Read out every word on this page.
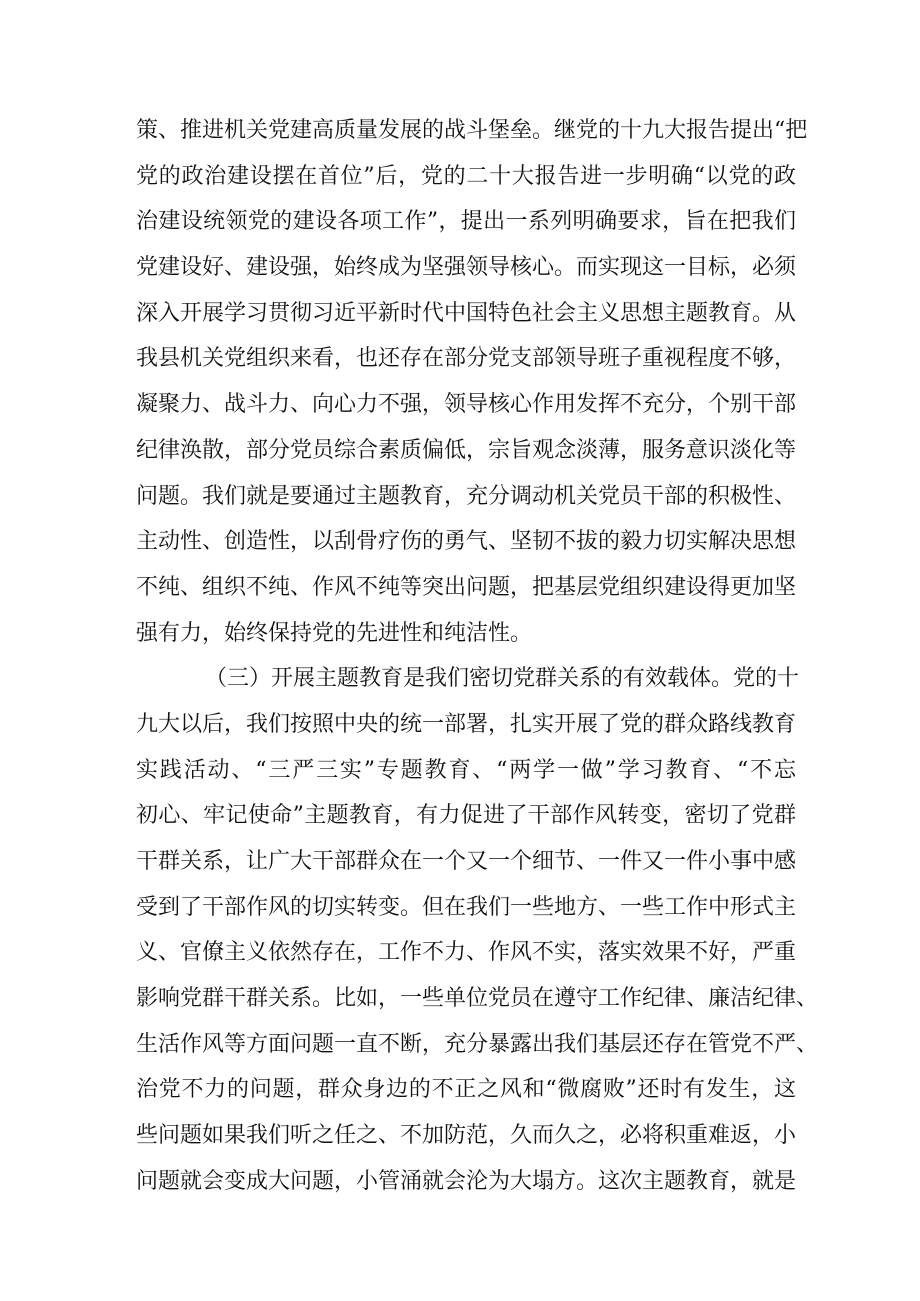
策、推进机关党建高质量发展的战斗堡垒。继党的十九大报告提出“把
党的政治建设摆在首位”后，党的二十大报告进一步明确“以党的政
治建设统领党的建设各项工作”，提出一系列明确要求，旨在把我们
党建设好、建设强，始终成为坚强领导核心。而实现这一目标，必须
深入开展学习贯彻习近平新时代中国特色社会主义思想主题教育。从
我县机关党组织来看，也还存在部分党支部领导班子重视程度不够，
凝聚力、战斗力、向心力不强，领导核心作用发挥不充分，个别干部
纪律涣散，部分党员综合素质偏低，宗旨观念淡薄，服务意识淡化等
问题。我们就是要通过主题教育，充分调动机关党员干部的积极性、
主动性、创造性，以刮骨疗伤的勇气、坚韧不拔的毅力切实解决思想
不纯、组织不纯、作风不纯等突出问题，把基层党组织建设得更加坚
强有力，始终保持党的先进性和纯洁性。
（三）开展主题教育是我们密切党群关系的有效载体。党的十
九大以后，我们按照中央的统一部署，扎实开展了党的群众路线教育
实践活动、“三严三实”专题教育、“两学一做”学习教育、“不忘
初心、牢记使命”主题教育，有力促进了干部作风转变，密切了党群
干群关系，让广大干部群众在一个又一个细节、一件又一件小事中感
受到了干部作风的切实转变。但在我们一些地方、一些工作中形式主
义、官僚主义依然存在，工作不力、作风不实，落实效果不好，严重
影响党群干群关系。比如，一些单位党员在遵守工作纪律、廉洁纪律、
生活作风等方面问题一直不断，充分暴露出我们基层还存在管党不严、
治党不力的问题，群众身边的不正之风和“微腐败”还时有发生，这
些问题如果我们听之任之、不加防范，久而久之，必将积重难返，小
问题就会变成大问题，小管涌就会沦为大塌方。这次主题教育，就是
